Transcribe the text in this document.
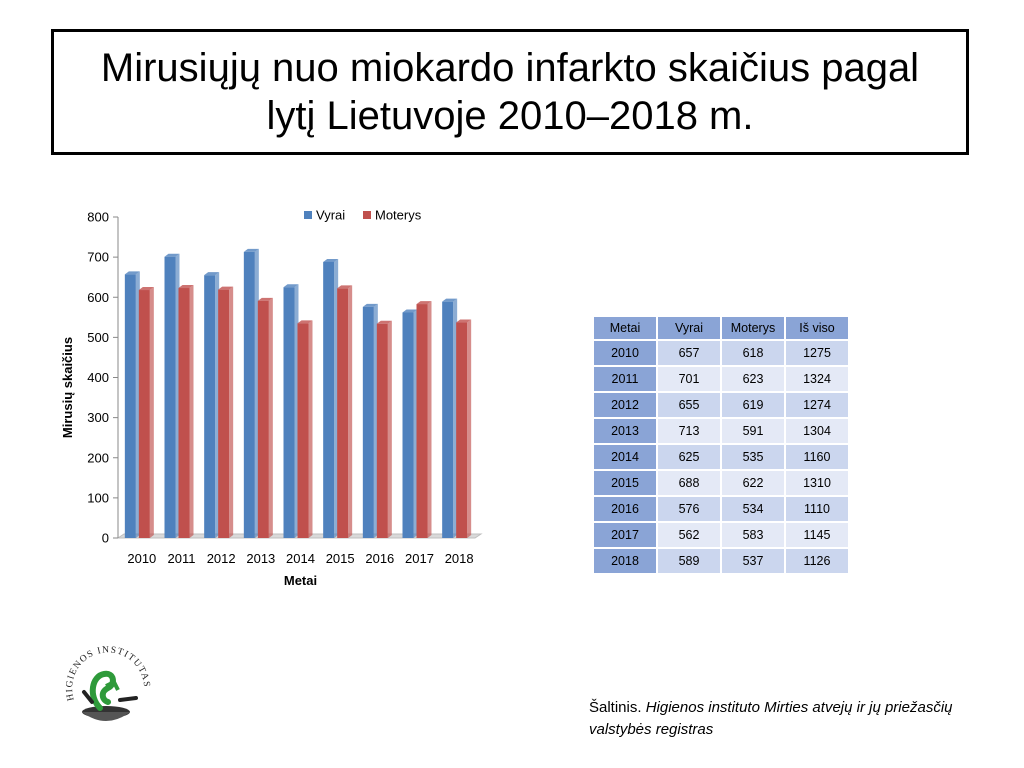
Mirusiųjų nuo miokardo infarkto skaičius pagal lytį Lietuvoje 2010–2018 m.
0
100
200
300
400
500
600
700
800
2010 2011 2012 2013 2014 2015 2016 2017 2018
Metai
Mirusių skaičius
Vyrai Moterys
Metai	Vyrai	Moterys	Iš viso
2010	657	618	1275
2011	701	623	1324
2012	655	619	1274
2013	713	591	1304
2014	625	535	1160
2015	688	622	1310
2016	576	534	1110
2017	562	583	1145
2018	589	537	1126
HIGIENOS INSTITUTAS
Šaltinis. Higienos instituto Mirties atvejų ir jų priežasčių valstybės registras
